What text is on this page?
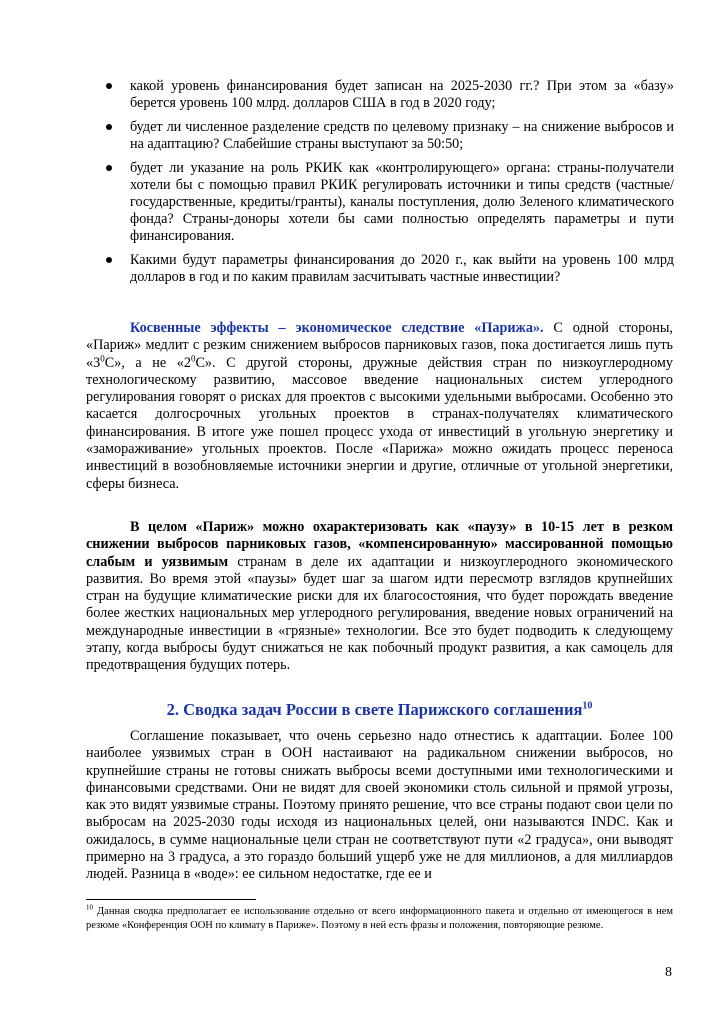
какой уровень финансирования будет записан на 2025-2030 гг.? При этом за «базу» берется уровень 100 млрд. долларов США в год в 2020 году;
будет ли численное разделение средств по целевому признаку – на снижение выбросов и на адаптацию? Слабейшие страны выступают за 50:50;
будет ли указание на роль РКИК как «контролирующего» органа: страны-получатели хотели бы с помощью правил РКИК регулировать источники и типы средств (частные/государственные, кредиты/гранты), каналы поступления, долю Зеленого климатического фонда? Страны-доноры хотели бы сами полностью определять параметры и пути финансирования.
Какими будут параметры финансирования до 2020 г., как выйти на уровень 100 млрд долларов в год и по каким правилам засчитывать частные инвестиции?

Косвенные эффекты – экономическое следствие «Парижа». С одной стороны, «Париж» медлит с резким снижением выбросов парниковых газов, пока достигается лишь путь «$3^0С$», а не «$2^0С$». С другой стороны, дружные действия стран по низкоуглеродному технологическому развитию, массовое введение национальных систем углеродного регулирования говорят о рисках для проектов с высокими удельными выбросами. Особенно это касается долгосрочных угольных проектов в странах-получателях климатического финансирования. В итоге уже пошел процесс ухода от инвестиций в угольную энергетику и «замораживание» угольных проектов. После «Парижа» можно ожидать процесс переноса инвестиций в возобновляемые источники энергии и другие, отличные от угольной энергетики, сферы бизнеса.

В целом «Париж» можно охарактеризовать как «паузу» в 10-15 лет в резком снижении выбросов парниковых газов, «компенсированную» массированной помощью слабым и уязвимым странам в деле их адаптации и низкоуглеродного экономического развития. Во время этой «паузы» будет шаг за шагом идти пересмотр взглядов крупнейших стран на будущие климатические риски для их благосостояния, что будет порождать введение более жестких национальных мер углеродного регулирования, введение новых ограничений на международные инвестиции в «грязные» технологии. Все это будет подводить к следующему этапу, когда выбросы будут снижаться не как побочный продукт развития, а как самоцель для предотвращения будущих потерь.

2. Сводка задач России в свете Парижского соглашения$^{10}$

Соглашение показывает, что очень серьезно надо отнестись к адаптации. Более 100 наиболее уязвимых стран в ООН настаивают на радикальном снижении выбросов, но крупнейшие страны не готовы снижать выбросы всеми доступными ими технологическими и финансовыми средствами. Они не видят для своей экономики столь сильной и прямой угрозы, как это видят уязвимые страны. Поэтому принято решение, что все страны подают свои цели по выбросам на 2025-2030 годы исходя из национальных целей, они называются INDC. Как и ожидалось, в сумме национальные цели стран не соответствуют пути «2 градуса», они выводят примерно на 3 градуса, а это гораздо больший ущерб уже не для миллионов, а для миллиардов людей. Разница в «воде»: ее сильном недостатке, где ее и

$^{10}$ Данная сводка предполагает ее использование отдельно от всего информационного пакета и отдельно от имеющегося в нем резюме «Конференция ООН по климату в Париже». Поэтому в ней есть фразы и положения, повторяющие резюме.

8
